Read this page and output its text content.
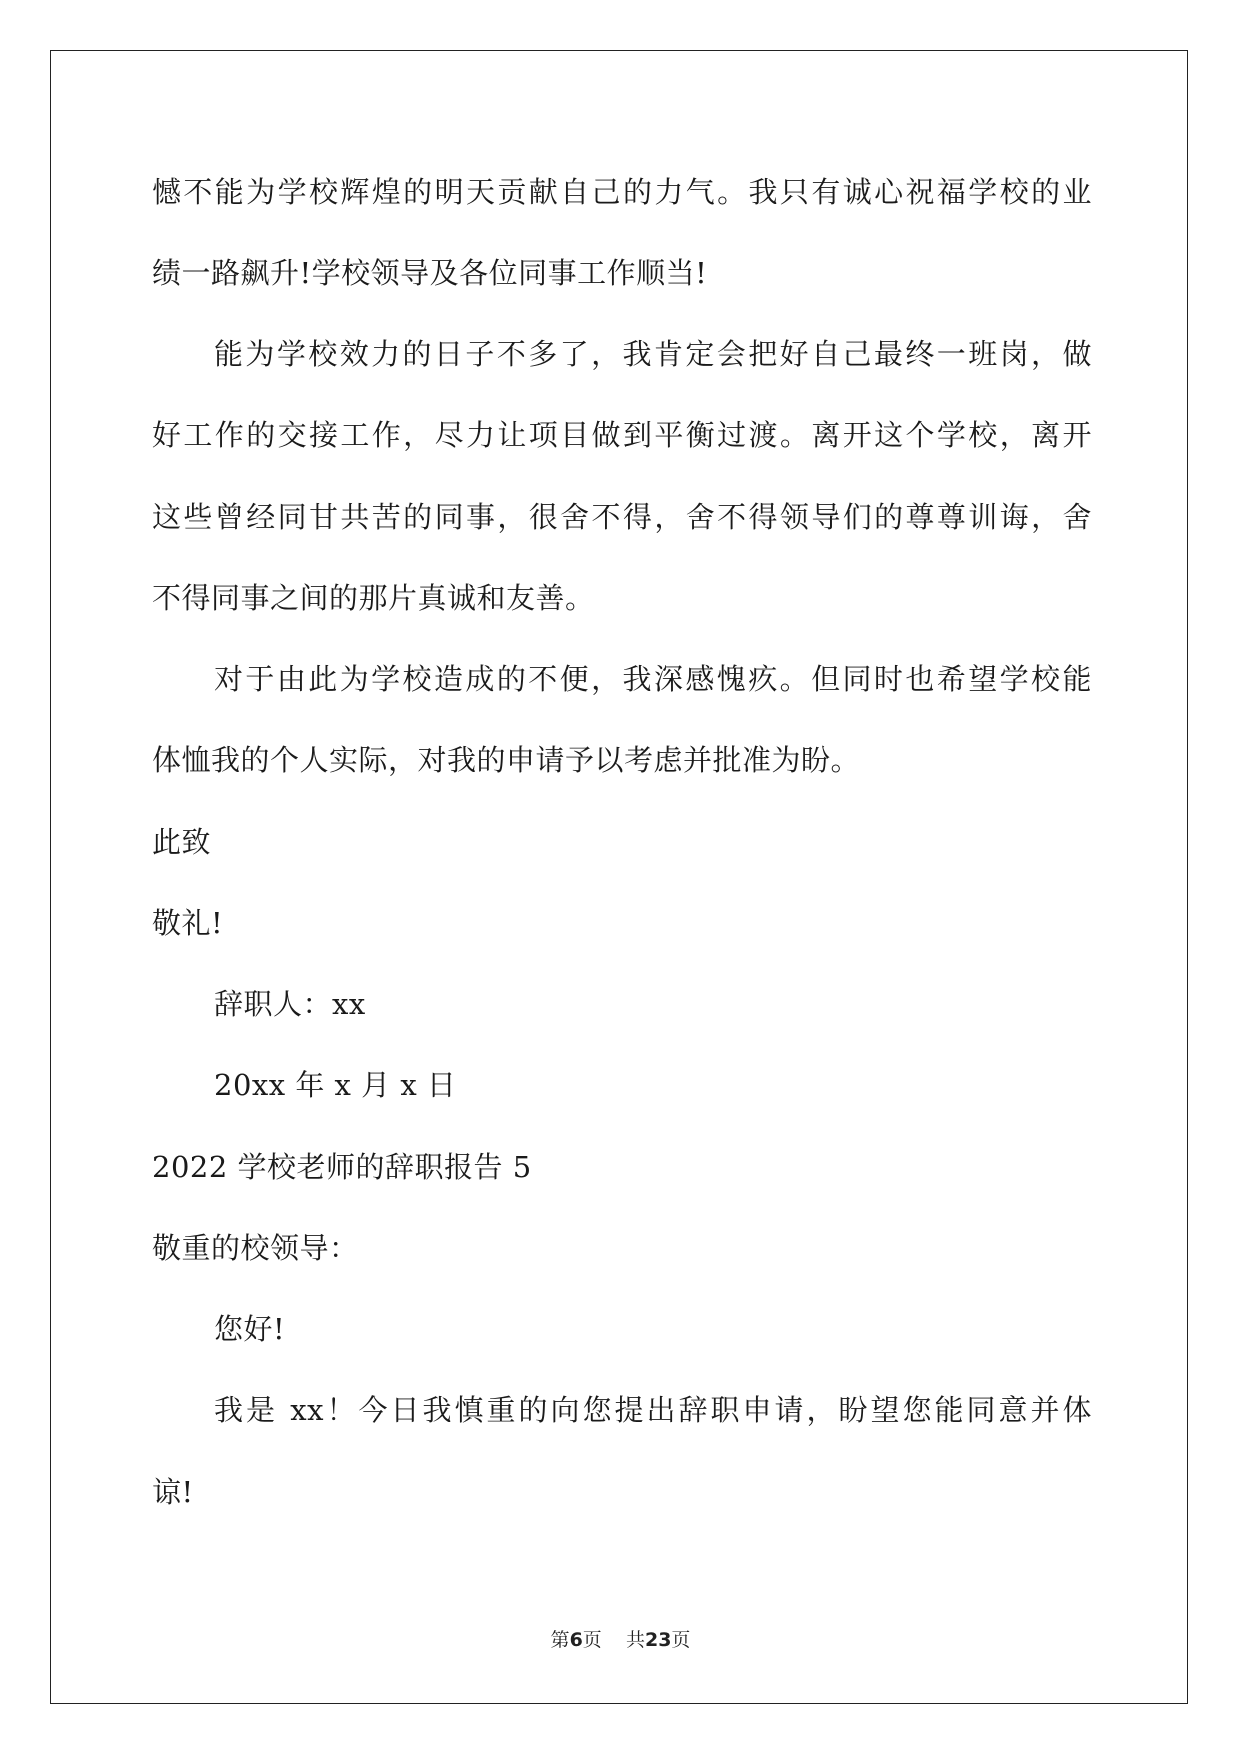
憾不能为学校辉煌的明天贡献自己的力气。我只有诚心祝福学校的业
绩一路飙升!学校领导及各位同事工作顺当!
能为学校效力的日子不多了，我肯定会把好自己最终一班岗，做
好工作的交接工作，尽力让项目做到平衡过渡。离开这个学校，离开
这些曾经同甘共苦的同事，很舍不得，舍不得领导们的尊尊训诲，舍
不得同事之间的那片真诚和友善。
对于由此为学校造成的不便，我深感愧疚。但同时也希望学校能
体恤我的个人实际，对我的申请予以考虑并批准为盼。
此致
敬礼!
辞职人：xx
20xx 年 x 月 x 日
2022 学校老师的辞职报告 5
敬重的校领导：
您好!
我是 xx！今日我慎重的向您提出辞职申请，盼望您能同意并体
谅!
第6页    共23页
